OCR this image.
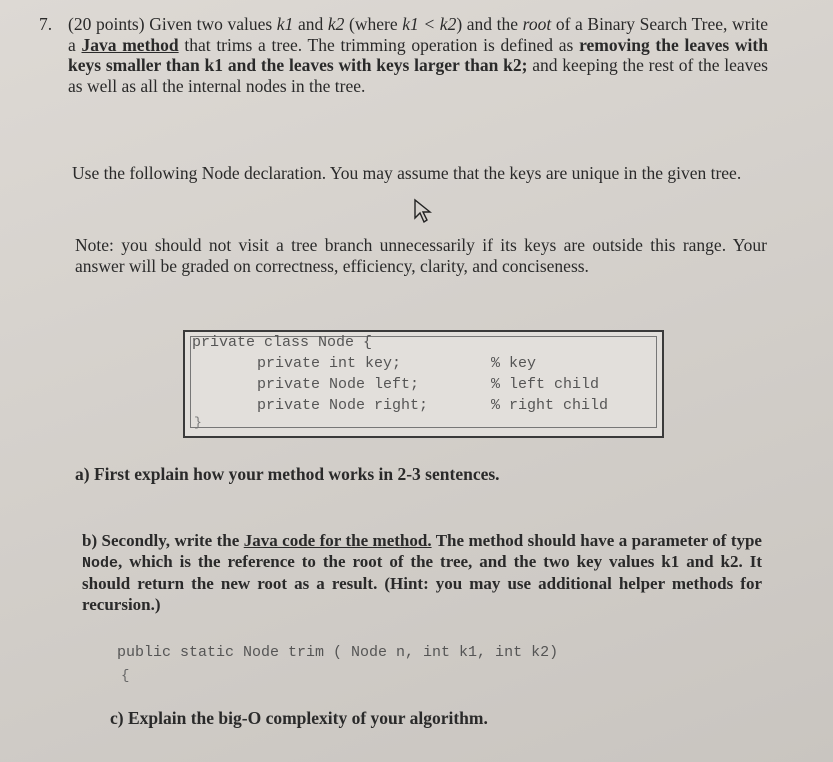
7. (20 points) Given two values k1 and k2 (where k1 < k2) and the root of a Binary Search Tree, write a Java method that trims a tree. The trimming operation is defined as removing the leaves with keys smaller than k1 and the leaves with keys larger than k2; and keeping the rest of the leaves as well as all the internal nodes in the tree.
Use the following Node declaration. You may assume that the keys are unique in the given tree.
Note: you should not visit a tree branch unnecessarily if its keys are outside this range. Your answer will be graded on correctness, efficiency, clarity, and conciseness.
private class Node {
private int key;	% key
private Node left;	% left child
private Node right;	% right child
}
a) First explain how your method works in 2-3 sentences.
b) Secondly, write the Java code for the method. The method should have a parameter of type Node, which is the reference to the root of the tree, and the two key values k1 and k2. It should return the new root as a result. (Hint: you may use additional helper methods for recursion.)
public static Node trim ( Node n, int k1, int k2)
{
c) Explain the big-O complexity of your algorithm.
